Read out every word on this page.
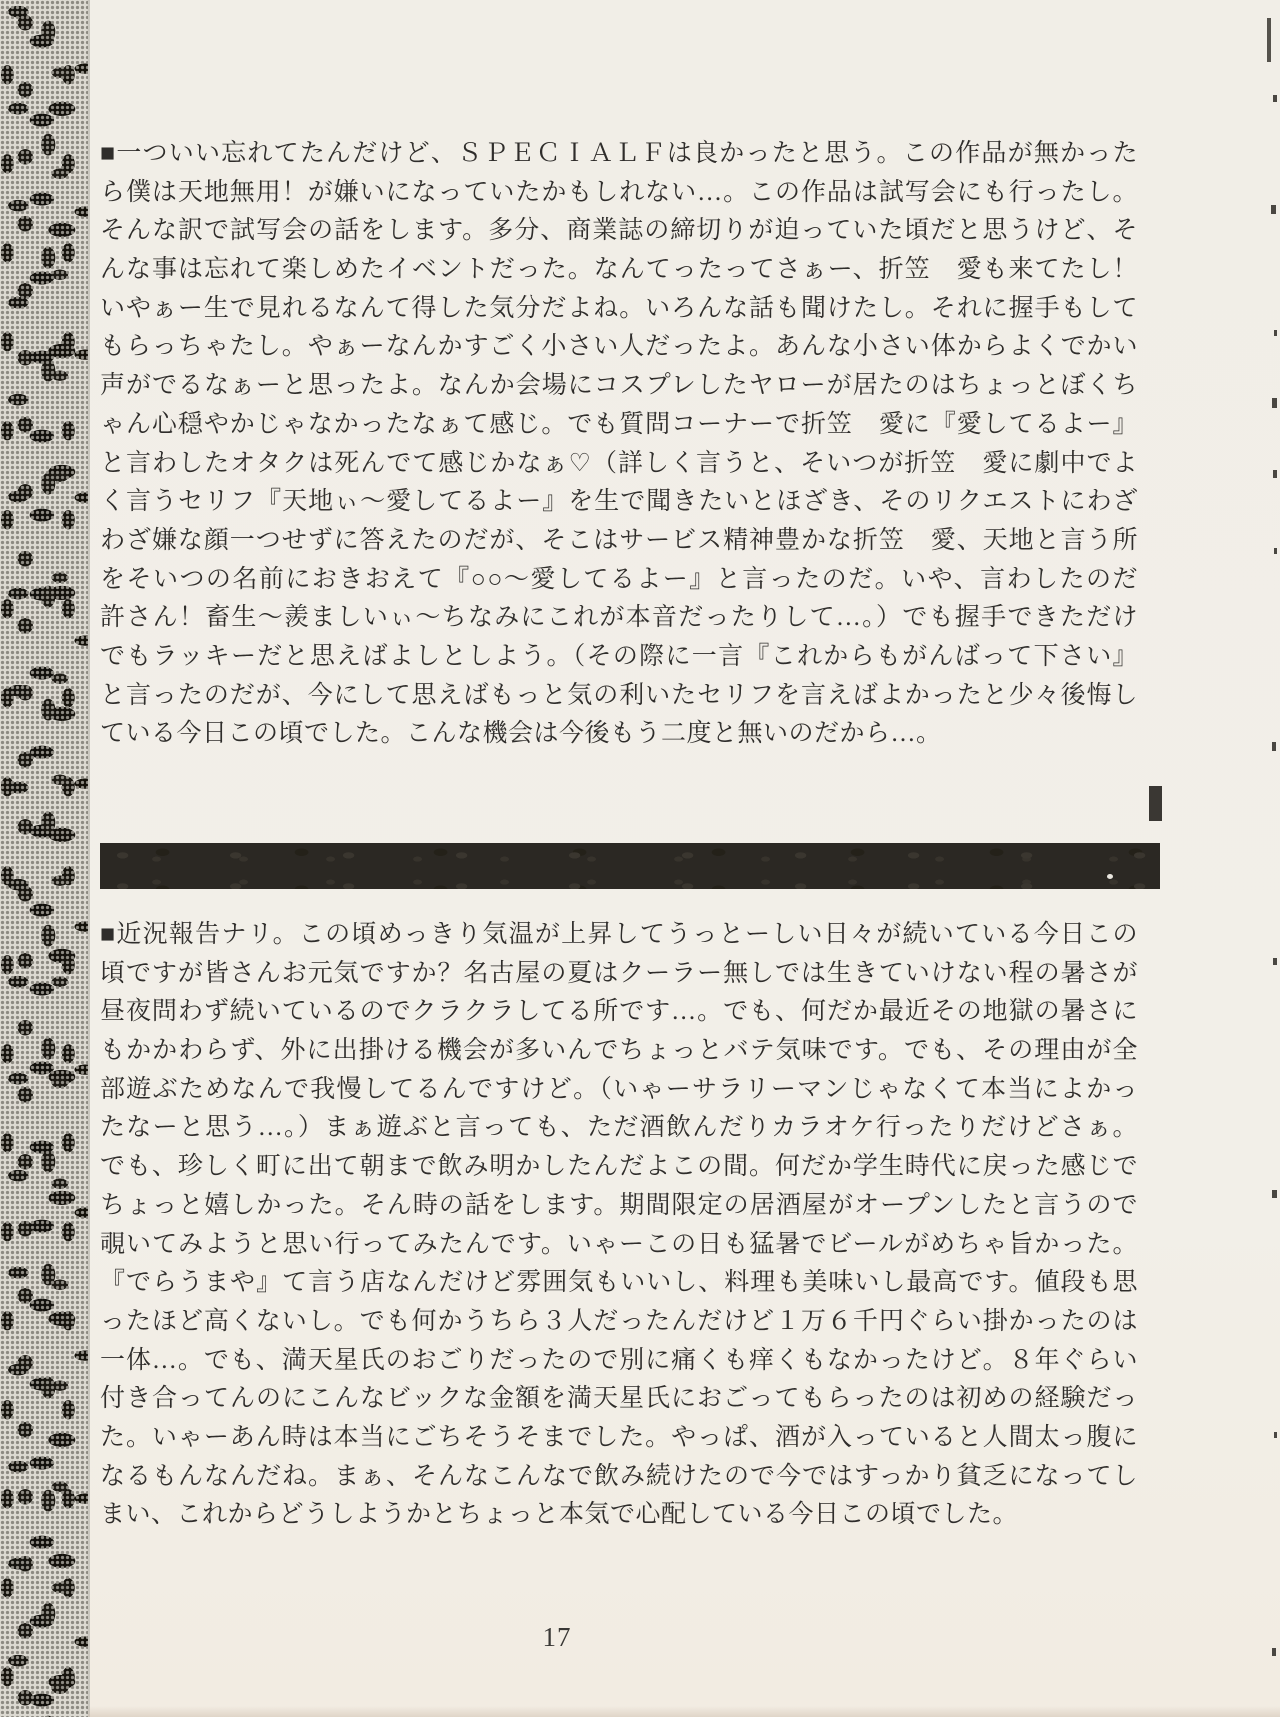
■一ついい忘れてたんだけど、ＳＰＥＣＩＡＬＦは良かったと思う。この作品が無かった
ら僕は天地無用！が嫌いになっていたかもしれない…。この作品は試写会にも行ったし。
そんな訳で試写会の話をします。多分、商業誌の締切りが迫っていた頃だと思うけど、そ
んな事は忘れて楽しめたイベントだった。なんてったってさぁー、折笠　愛も来てたし！
いやぁー生で見れるなんて得した気分だよね。いろんな話も聞けたし。それに握手もして
もらっちゃたし。やぁーなんかすごく小さい人だったよ。あんな小さい体からよくでかい
声がでるなぁーと思ったよ。なんか会場にコスプレしたヤローが居たのはちょっとぼくち
ゃん心穏やかじゃなかったなぁて感じ。でも質問コーナーで折笠　愛に『愛してるよー』
と言わしたオタクは死んでて感じかなぁ♡（詳しく言うと、そいつが折笠　愛に劇中でよ
く言うセリフ『天地ぃ〜愛してるよー』を生で聞きたいとほざき、そのリクエストにわざ
わざ嫌な顔一つせずに答えたのだが、そこはサービス精神豊かな折笠　愛、天地と言う所
をそいつの名前におきおえて『○○〜愛してるよー』と言ったのだ。いや、言わしたのだ
許さん！畜生〜羨ましいぃ〜ちなみにこれが本音だったりして…。）でも握手できただけ
でもラッキーだと思えばよしとしよう。（その際に一言『これからもがんばって下さい』
と言ったのだが、今にして思えばもっと気の利いたセリフを言えばよかったと少々後悔し
ている今日この頃でした。こんな機会は今後もう二度と無いのだから…。
■近況報告ナリ。この頃めっきり気温が上昇してうっとーしい日々が続いている今日この
頃ですが皆さんお元気ですか？名古屋の夏はクーラー無しでは生きていけない程の暑さが
昼夜問わず続いているのでクラクラしてる所です…。でも、何だか最近その地獄の暑さに
もかかわらず、外に出掛ける機会が多いんでちょっとバテ気味です。でも、その理由が全
部遊ぶためなんで我慢してるんですけど。（いゃーサラリーマンじゃなくて本当によかっ
たなーと思う…。）まぁ遊ぶと言っても、ただ酒飲んだりカラオケ行ったりだけどさぁ。
でも、珍しく町に出て朝まで飲み明かしたんだよこの間。何だか学生時代に戻った感じで
ちょっと嬉しかった。そん時の話をします。期間限定の居酒屋がオープンしたと言うので
覗いてみようと思い行ってみたんです。いゃーこの日も猛暑でビールがめちゃ旨かった。
『でらうまや』て言う店なんだけど雰囲気もいいし、料理も美味いし最高です。値段も思
ったほど高くないし。でも何かうちら３人だったんだけど１万６千円ぐらい掛かったのは
一体…。でも、満天星氏のおごりだったので別に痛くも痒くもなかったけど。８年ぐらい
付き合ってんのにこんなビックな金額を満天星氏におごってもらったのは初めの経験だっ
た。いゃーあん時は本当にごちそうそまでした。やっぱ、酒が入っていると人間太っ腹に
なるもんなんだね。まぁ、そんなこんなで飲み続けたので今ではすっかり貧乏になってし
まい、これからどうしようかとちょっと本気で心配している今日この頃でした。
17
